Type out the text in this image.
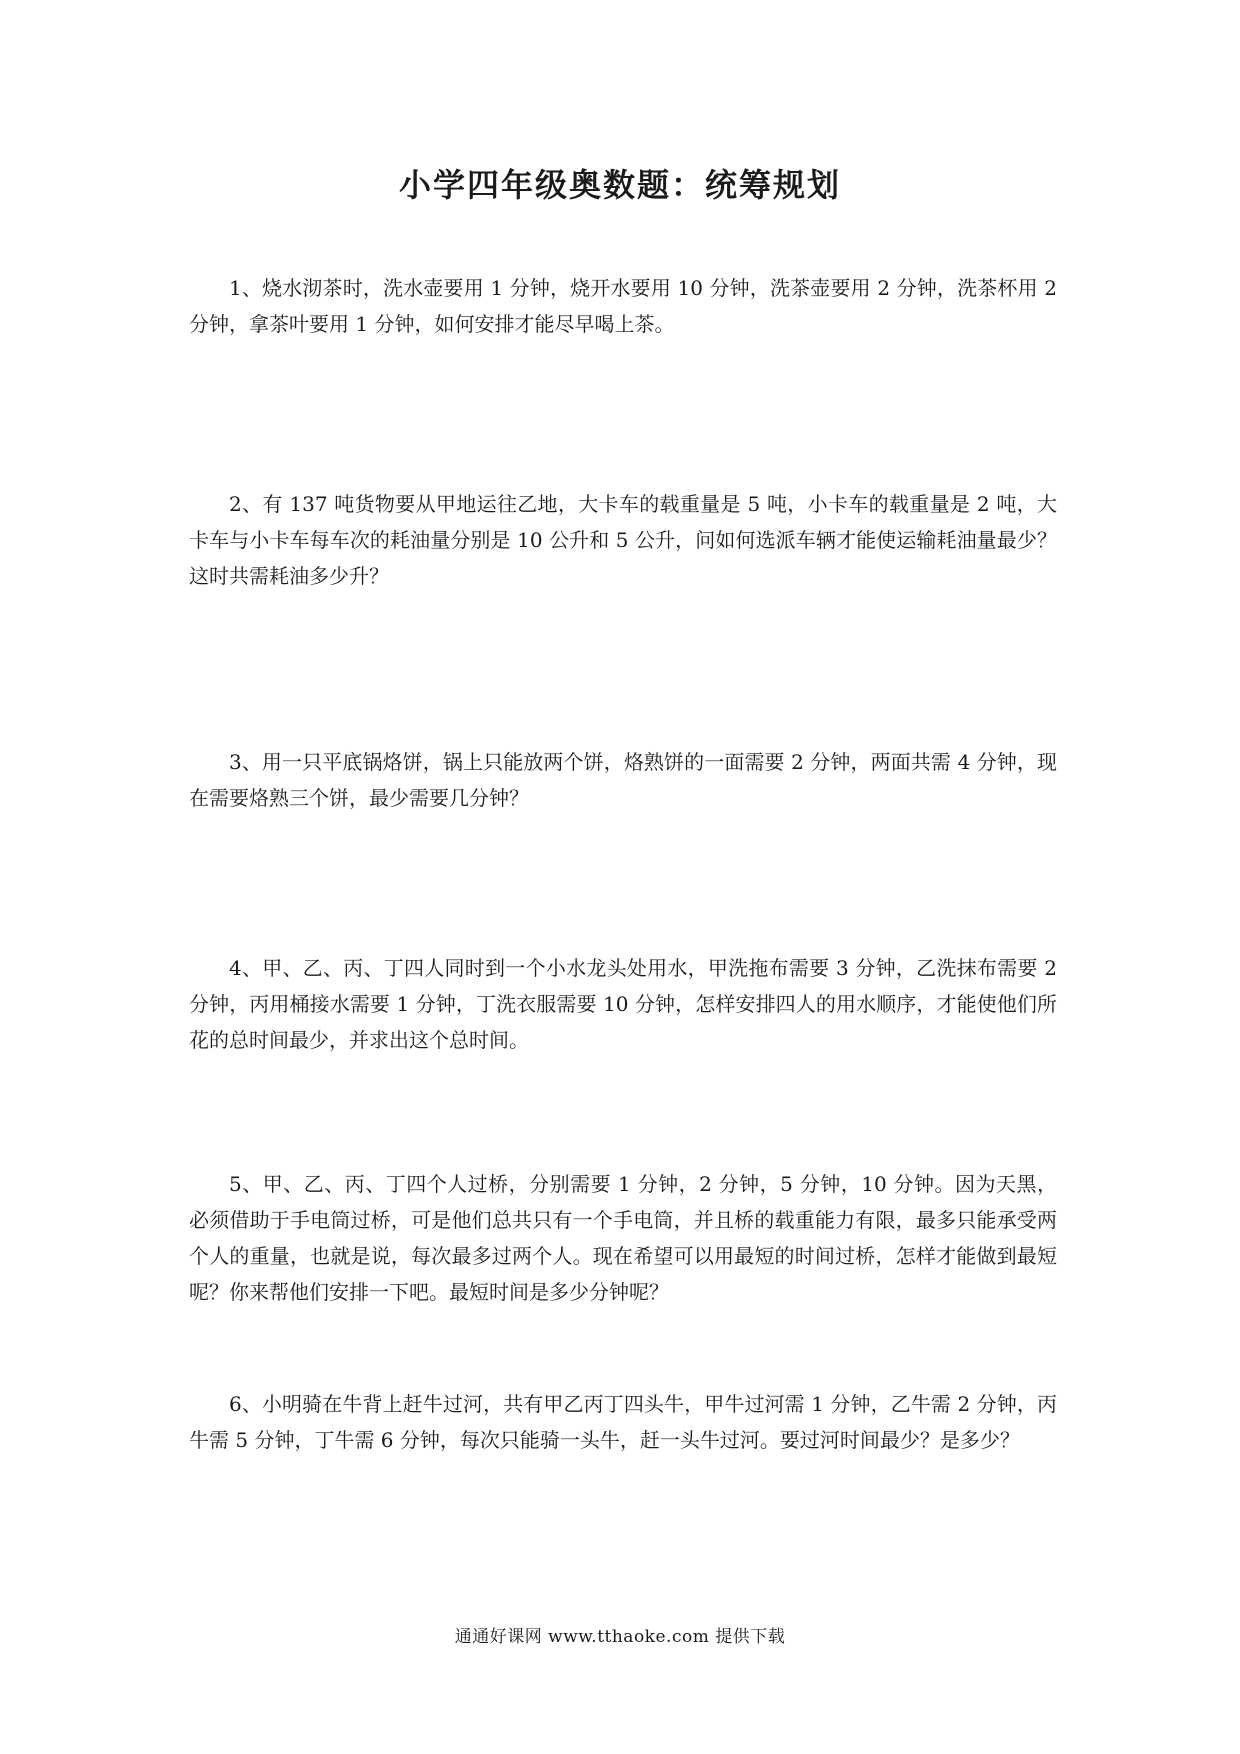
小学四年级奥数题：统筹规划

1、烧水沏茶时，洗水壶要用 1 分钟，烧开水要用 10 分钟，洗茶壶要用 2 分钟，洗茶杯用 2 分钟，拿茶叶要用 1 分钟，如何安排才能尽早喝上茶。

2、有 137 吨货物要从甲地运往乙地，大卡车的载重量是 5 吨，小卡车的载重量是 2 吨，大卡车与小卡车每车次的耗油量分别是 10 公升和 5 公升，问如何选派车辆才能使运输耗油量最少？这时共需耗油多少升？

3、用一只平底锅烙饼，锅上只能放两个饼，烙熟饼的一面需要 2 分钟，两面共需 4 分钟，现在需要烙熟三个饼，最少需要几分钟？

4、甲、乙、丙、丁四人同时到一个小水龙头处用水，甲洗拖布需要 3 分钟，乙洗抹布需要 2 分钟，丙用桶接水需要 1 分钟，丁洗衣服需要 10 分钟，怎样安排四人的用水顺序，才能使他们所花的总时间最少，并求出这个总时间。

5、甲、乙、丙、丁四个人过桥，分别需要 1 分钟，2 分钟，5 分钟，10 分钟。因为天黑，必须借助于手电筒过桥，可是他们总共只有一个手电筒，并且桥的载重能力有限，最多只能承受两个人的重量，也就是说，每次最多过两个人。现在希望可以用最短的时间过桥，怎样才能做到最短呢？你来帮他们安排一下吧。最短时间是多少分钟呢？

6、小明骑在牛背上赶牛过河，共有甲乙丙丁四头牛，甲牛过河需 1 分钟，乙牛需 2 分钟，丙牛需 5 分钟，丁牛需 6 分钟，每次只能骑一头牛，赶一头牛过河。要过河时间最少？是多少？

通通好课网 www.tthaoke.com 提供下载
